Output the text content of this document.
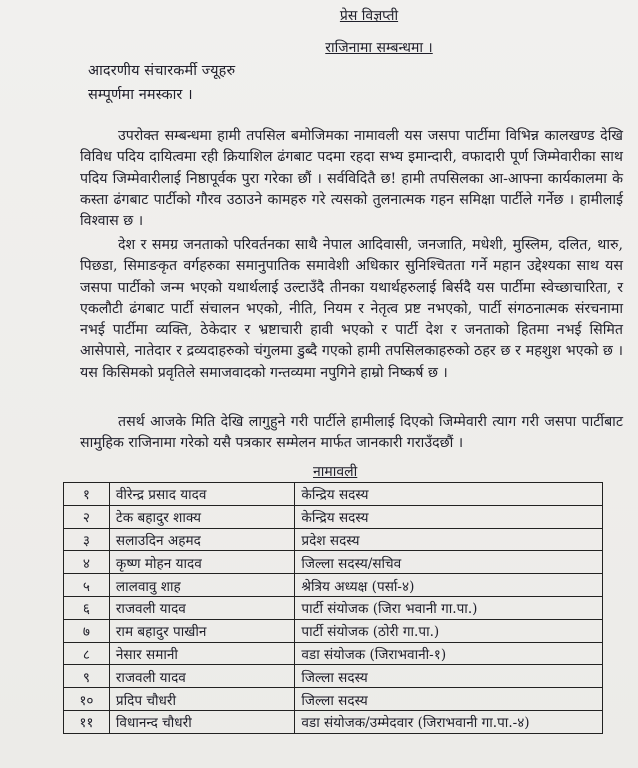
प्रेस विज्ञप्ती
राजिनामा सम्बन्धमा ।
आदरणीय संचारकर्मी ज्यूहरु
सम्पूर्णमा नमस्कार ।
उपरोक्त सम्बन्धमा हामी तपसिल बमोजिमका नामावली यस जसपा पार्टीमा विभिन्न कालखण्ड देखि विविध पदिय दायित्वमा रही क्रियाशिल ढंगबाट पदमा रहदा सभ्य इमान्दारी, वफादारी पूर्ण जिम्मेवारीका साथ पदिय जिम्मेवारीलाई निष्ठापूर्वक पुरा गरेका छौं । सर्वविदितै छ! हामी तपसिलका आ-आफ्ना कार्यकालमा के कस्ता ढंगबाट पार्टीको गौरव उठाउने कामहरु गरे त्यसको तुलनात्मक गहन समिक्षा पार्टीले गर्नेछ । हामीलाई विश्वास छ ।
देश र समग्र जनताको परिवर्तनका साथै नेपाल आदिवासी, जनजाति, मधेशी, मुस्लिम, दलित, थारु, पिछडा, सिमाङकृत वर्गहरुका समानुपातिक समावेशी अधिकार सुनिश्चितता गर्ने महान उद्देश्यका साथ यस जसपा पार्टीको जन्म भएको यथार्थलाई उल्टाउँदै तीनका यथार्थहरुलाई बिर्सदै यस पार्टीमा स्वेच्छाचारिता, र एकलौटी ढंगबाट पार्टी संचालन भएको, नीति, नियम र नेतृत्व प्रष्ट नभएको, पार्टी संगठनात्मक संरचनामा नभई पार्टीमा व्यक्ति, ठेकेदार र भ्रष्टाचारी हावी भएको र पार्टी देश र जनताको हितमा नभई सिमित आसेपासे, नातेदार र द्रव्यदाहरुको चंगुलमा डुब्दै गएको हामी तपसिलकाहरुको ठहर छ र महशुश भएको छ । यस किसिमको प्रवृतिले समाजवादको गन्तव्यमा नपुगिने हाम्रो निष्कर्ष छ ।
तसर्थ आजके मिति देखि लागुहुने गरी पार्टीले हामीलाई दिएको जिम्मेवारी त्याग गरी जसपा पार्टीबाट सामुहिक राजिनामा गरेको यसै पत्रकार सम्मेलन मार्फत जानकारी गराउँदछौं ।
नामावली
१	वीरेन्द्र प्रसाद यादव	केन्द्रिय सदस्य
२	टेक बहादुर शाक्य	केन्द्रिय सदस्य
३	सलाउदिन अहमद	प्रदेश सदस्य
४	कृष्ण मोहन यादव	जिल्ला सदस्य/सचिव
५	लालवावु शाह	श्रेत्रिय अध्यक्ष (पर्सा-४)
६	राजवली यादव	पार्टी संयोजक (जिरा भवानी गा.पा.)
७	राम बहादुर पाखीन	पार्टी संयोजक (ठोरी गा.पा.)
८	नेसार समानी	वडा संयोजक (जिराभवानी-१)
९	राजवली यादव	जिल्ला सदस्य
१०	प्रदिप चौधरी	जिल्ला सदस्य
११	विधानन्द चौधरी	वडा संयोजक/उम्मेदवार (जिराभवानी गा.पा.-४)
